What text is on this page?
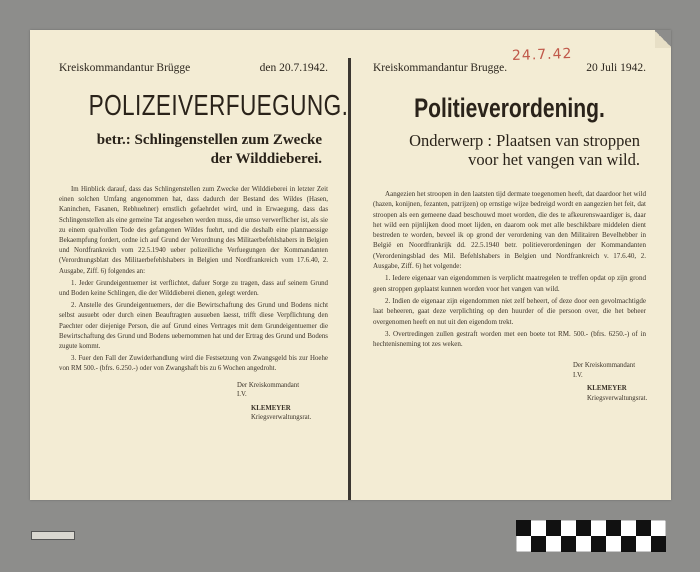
Kreiskommandantur Brügge	den 20.7.1942.
POLIZEIVERFUEGUNG.
betr.: Schlingenstellen zum Zwecke
der Wilddieberei.

Im Hinblick darauf, dass das Schlingenstellen zum Zwecke der Wilddieberei in letzter Zeit einen solchen Umfang angenommen hat, dass dadurch der Bestand des Wildes (Hasen, Kaninchen, Fasanen, Rebhuehner) ernstlich gefaehrdet wird, und in Erwaegung, dass das Schlingenstellen als eine gemeine Tat angesehen werden muss, die umso verwerflicher ist, als sie zu einem qualvollen Tode des gefangenen Wildes fuehrt, und die deshalb eine planmaessige Bekaempfung fordert, ordne ich auf Grund der Verordnung des Militaerbefehlshabers in Belgien und Nordfrankreich vom 22.5.1940 ueber polizeiliche Verfuegungen der Kommandanten (Verordnungsblatt des Militaerbefehlshabers in Belgien und Nordfrankreich vom 17.6.40, 2. Ausgabe, Ziff. 6) folgendes an:

1. Jeder Grundeigentuemer ist verflichtet, dafuer Sorge zu tragen, dass auf seinem Grund und Boden keine Schlingen, die der Wilddieberei dienen, gelegt werden.

2. Anstelle des Grundeigentuemers, der die Bewirtschaftung des Grund und Bodens nicht selbst ausuebt oder durch einen Beauftragten ausueben laesst, trifft diese Verpflichtung den Paechter oder diejenige Person, die auf Grund eines Vertrages mit dem Grundeigentuemer die Bewirtschaftung des Grund und Bodens uebernommen hat und der Ertrag des Grund und Bodens zugute kommt.

3. Fuer den Fall der Zuwiderhandlung wird die Festsetzung von Zwangsgeld bis zur Hoehe von RM 500.- (bfrs. 6.250.-) oder von Zwangshaft bis zu 6 Wochen angedroht.

Der Kreiskommandant
I.V.
KLEMEYER
Kriegsverwaltungsrat.
Kreiskommandantur Brugge.	20 Juli 1942.
Politieverordening.
Onderwerp : Plaatsen van stroppen
voor het vangen van wild.

Aangezien het stroopen in den laatsten tijd dermate toegenomen heeft, dat daardoor het wild (hazen, konijnen, fezanten, patrijzen) op ernstige wijze bedreigd wordt en aangezien het feit, dat stroopen als een gemeene daad beschouwd moet worden, die des te afkeurenswaardiger is, daar het wild een pijnlijken dood moet lijden, en daarom ook met alle beschikbare middelen dient bestreden te worden, beveel ik op grond der verordening van den Militairen Bevelhebber in België en Noordfrankrijk dd. 22.5.1940 betr. politieverordeningen der Kommandanten (Verordeningsblad des Mil. Befehlshabers in Belgien und Nordfrankreich v. 17.6.40, 2. Ausgabe, Ziff. 6) het volgende:

1. Iedere eigenaar van eigendommen is verplicht maatregelen te treffen opdat op zijn grond geen stroppen geplaatst kunnen worden voor het vangen van wild.

2. Indien de eigenaar zijn eigendommen niet zelf beheert, of deze door een gevolmachtigde laat beheeren, gaat deze verplichting op den huurder of die persoon over, die het beheer overgenomen heeft en nut uit den eigendom trekt.

3. Overtredingen zullen gestraft worden met een boete tot RM. 500.- (bfrs. 6250.-) of in hechtenisneming tot zes weken.

Der Kreiskommandant
I.V.
KLEMEYER
Kriegsverwaltungsrat.
24.7.42
